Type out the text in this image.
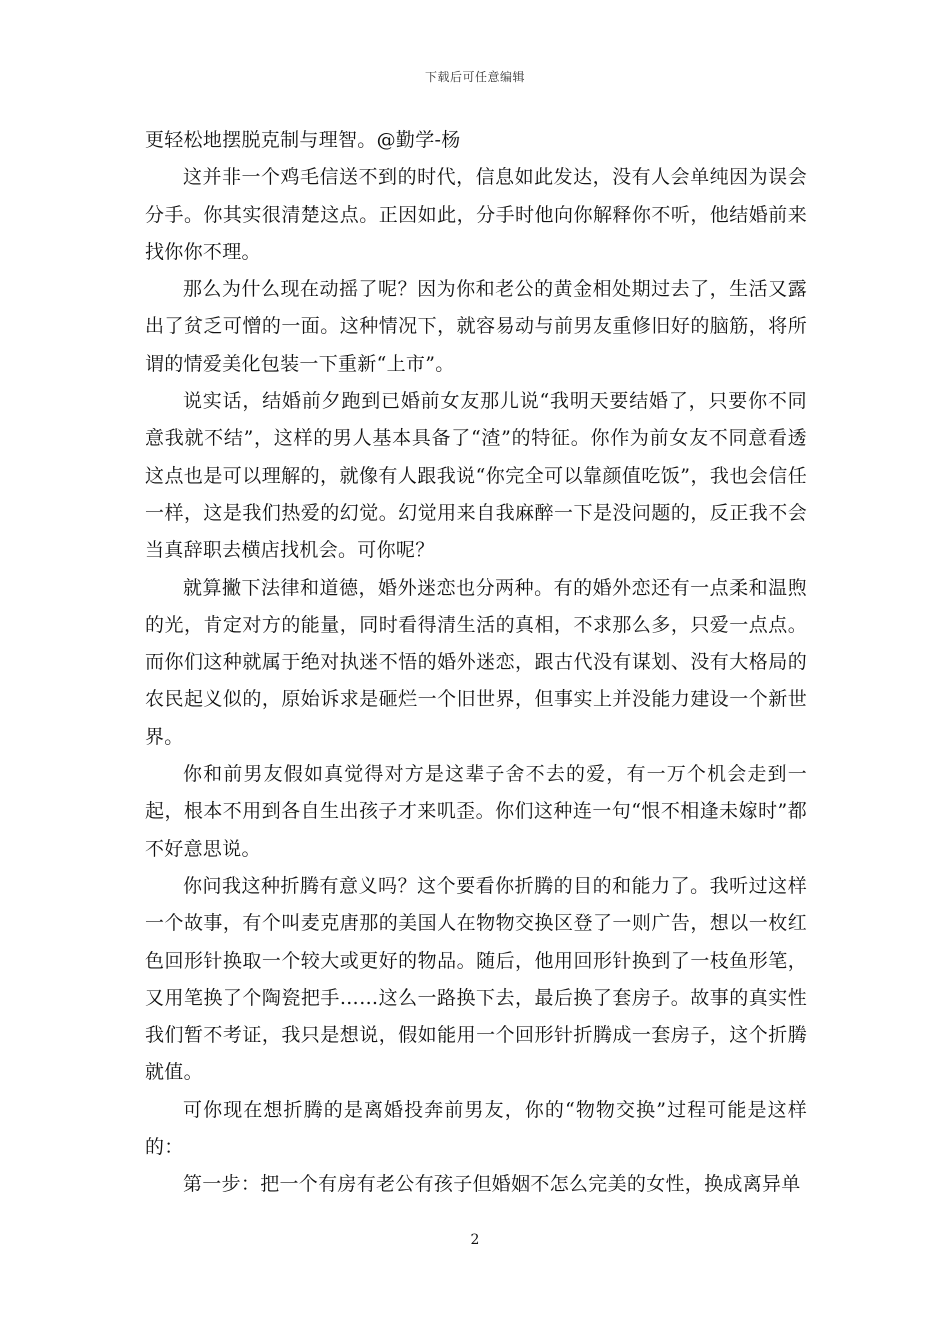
下载后可任意编辑

更轻松地摆脱克制与理智。@勤学-杨

这并非一个鸡毛信送不到的时代，信息如此发达，没有人会单纯因为误会分手。你其实很清楚这点。正因如此，分手时他向你解释你不听，他结婚前来找你你不理。

那么为什么现在动摇了呢？因为你和老公的黄金相处期过去了，生活又露出了贫乏可憎的一面。这种情况下，就容易动与前男友重修旧好的脑筋，将所谓的情爱美化包装一下重新“上市”。

说实话，结婚前夕跑到已婚前女友那儿说“我明天要结婚了，只要你不同意我就不结”，这样的男人基本具备了“渣”的特征。你作为前女友不同意看透这点也是可以理解的，就像有人跟我说“你完全可以靠颜值吃饭”，我也会信任一样，这是我们热爱的幻觉。幻觉用来自我麻醉一下是没问题的，反正我不会当真辞职去横店找机会。可你呢？

就算撇下法律和道德，婚外迷恋也分两种。有的婚外恋还有一点柔和温煦的光，肯定对方的能量，同时看得清生活的真相，不求那么多，只爱一点点。而你们这种就属于绝对执迷不悟的婚外迷恋，跟古代没有谋划、没有大格局的农民起义似的，原始诉求是砸烂一个旧世界，但事实上并没能力建设一个新世界。

你和前男友假如真觉得对方是这辈子舍不去的爱，有一万个机会走到一起，根本不用到各自生出孩子才来叽歪。你们这种连一句“恨不相逢未嫁时”都不好意思说。

你问我这种折腾有意义吗？这个要看你折腾的目的和能力了。我听过这样一个故事，有个叫麦克唐那的美国人在物物交换区登了一则广告，想以一枚红色回形针换取一个较大或更好的物品。随后，他用回形针换到了一枝鱼形笔，又用笔换了个陶瓷把手……这么一路换下去，最后换了套房子。故事的真实性我们暂不考证，我只是想说，假如能用一个回形针折腾成一套房子，这个折腾就值。

可你现在想折腾的是离婚投奔前男友，你的“物物交换”过程可能是这样的：

第一步：把一个有房有老公有孩子但婚姻不怎么完美的女性，换成离异单

2
